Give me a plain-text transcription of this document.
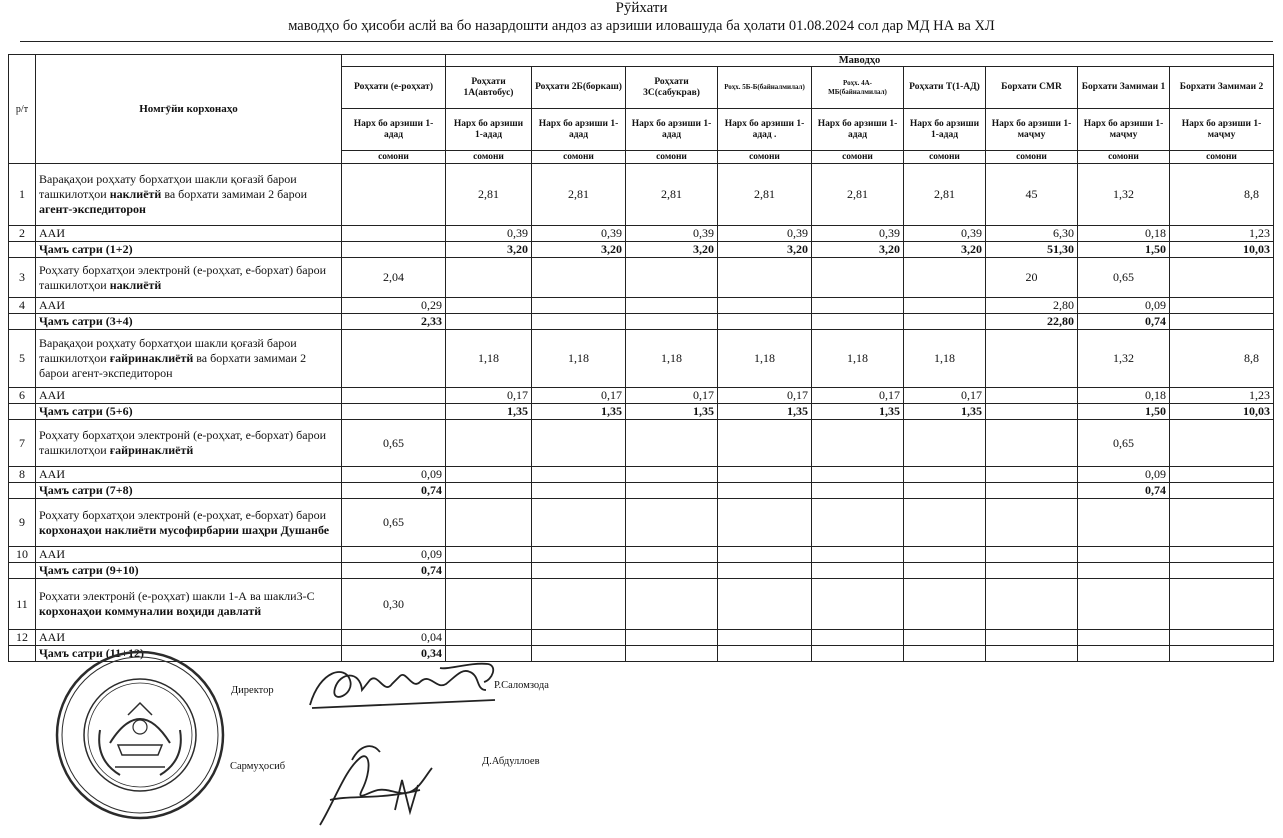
Рӯйхати
маводҳо бо ҳисоби аслй ва бо назардошти андоз аз арзиши иловашуда ба ҳолати 01.08.2024 сол дар МД НА ва ХЛ
р/т	Номгӯйи корхонаҳо		Маводҳо								
		Роҳхати (е-роҳхат)	Роҳхати 1А(автобус)	Роҳхати 2Б(боркаш)	Роҳхати 3С(сабукрав)	Роҳх. 5Б-Б(байналмилал)	Роҳх. 4А-МБ(байналмилал)	Роҳхати Т(1-АД)	Борхати CMR	Борхати Замимаи 1	Борхати Замимаи 2
		Нарх бо арзиши 1-адад	Нарх бо арзиши 1-адад	Нарх бо арзиши 1-адад	Нарх бо арзиши 1-адад	Нарх бо арзиши 1-адад .	Нарх бо арзиши 1-адад	Нарх бо арзиши 1-адад	Нарх бо арзиши 1-маҷму	Нарх бо арзиши 1-маҷму	Нарх бо арзиши 1-маҷму
		сомони	сомони	сомони	сомони	сомони	сомони	сомони	сомони	сомони	сомони
1	Варақаҳои роҳхату борхатҳои шакли қоғазй барои ташкилотҳои наклиётй ва борхати замимаи 2 барои агент-экспедиторон		2,81	2,81	2,81	2,81	2,81	2,81	45	1,32	8,8
2	ААИ		0,39	0,39	0,39	0,39	0,39	0,39	6,30	0,18	1,23
	Ҷамъ сатри (1+2)		3,20	3,20	3,20	3,20	3,20	3,20	51,30	1,50	10,03
3	Роҳхату борхатҳои электронй (е-роҳхат, е-борхат) барои ташкилотҳои наклиётй	2,04							20	0,65	
4	ААИ	0,29							2,80	0,09	
	Ҷамъ сатри (3+4)	2,33							22,80	0,74	
5	Варақаҳои роҳхату борхатҳои шакли қоғазй барои ташкилотҳои ғайринаклиётй ва борхати замимаи 2 барои агент-экспедиторон		1,18	1,18	1,18	1,18	1,18	1,18		1,32	8,8
6	ААИ		0,17	0,17	0,17	0,17	0,17	0,17		0,18	1,23
	Ҷамъ сатри (5+6)		1,35	1,35	1,35	1,35	1,35	1,35		1,50	10,03
7	Роҳхату борхатҳои электронй (е-роҳхат, е-борхат) барои ташкилотҳои ғайринаклиётй	0,65								0,65	
8	ААИ	0,09								0,09	
	Ҷамъ сатри (7+8)	0,74								0,74	
9	Роҳхату борхатҳои электронй (е-роҳхат, е-борхат) барои корхонаҳои наклиёти мусофирбарии шаҳри Душанбе	0,65									
10	ААИ	0,09									
	Ҷамъ сатри (9+10)	0,74									
11	Роҳхати электронй (е-роҳхат) шакли 1-А ва шакли3-С корхонаҳои коммуналии воҳиди давлатй	0,30									
12	ААИ	0,04									
	Ҷамъ сатри (11+12)	0,34									
Директор	Р.Саломзода
Сармуҳосиб	Д.Абдуллоев
